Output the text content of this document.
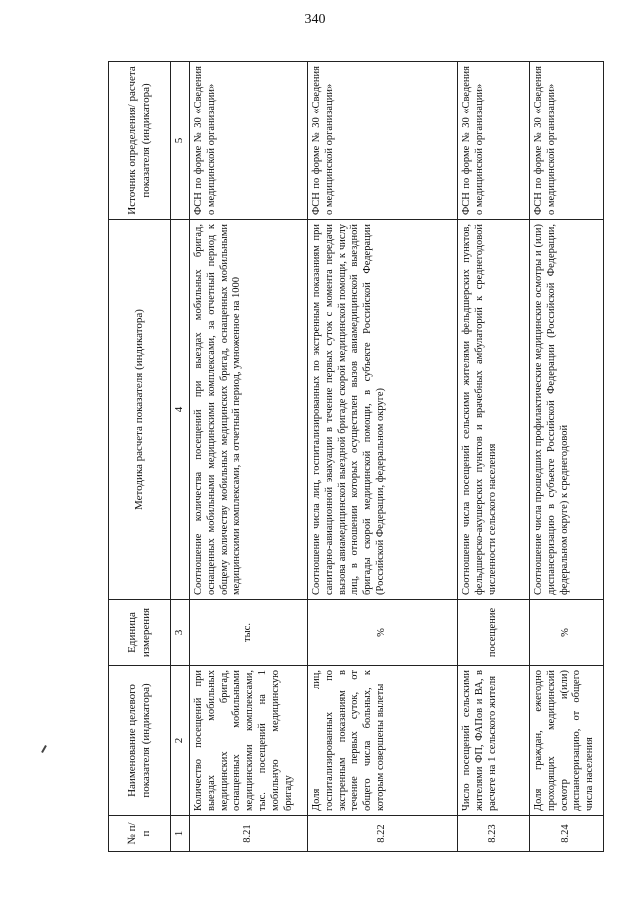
340
№ п/п	Наименование целевого показателя (индикатора)	Единица измерения	Методика расчета показателя (индикатора)	Источник определения/ расчета показателя (индикатора)
1	2	3	4	5
8.21	Количество посещений при выездах мобильных медицинских бригад, оснащенных мобильными медицинскими комплексами, тыс. посещений на 1 мобильную медицинскую бригаду	тыс.	Соотношение количества посещений при выездах мобильных бригад, оснащенных мобильными медицинскими комплексами, за отчетный период к общему количеству мобильных медицинских бригад, оснащенных мобильными медицинскими комплексами, за отчетный период, умноженное на 1000	ФСН по форме № 30 «Сведения о медицинской организации»
8.22	Доля лиц, госпитализированных по экстренным показаниям в течение первых суток, от общего числа больных, к которым совершены вылеты	%	Соотношение числа лиц, госпитализированных по экстренным показаниям при санитарно-авиационной эвакуации в течение первых суток с момента передачи вызова авиамедицинской выездной бригаде скорой медицинской помощи, к числу лиц, в отношении которых осуществлен вызов авиамедицинской выездной бригады скорой медицинской помощи, в субъекте Российской Федерации (Российской Федерации, федеральном округе)	ФСН по форме № 30 «Сведения о медицинской организации»
8.23	Число посещений сельскими жителями ФП, ФАПов и ВА, в расчете на 1 сельского жителя	посещение	Соотношение числа посещений сельскими жителями фельдшерских пунктов, фельдшерско-акушерских пунктов и врачебных амбулаторий к среднегодовой численности сельского населения	ФСН по форме № 30 «Сведения о медицинской организации»
8.24	Доля граждан, ежегодно проходящих медицинский осмотр и(или) диспансеризацию, от общего числа населения	%	Соотношение числа прошедших профилактические медицинские осмотры и (или) диспансеризацию в субъекте Российской Федерации (Российской Федерации, федеральном округе) к среднегодовой	ФСН по форме № 30 «Сведения о медицинской организации»
